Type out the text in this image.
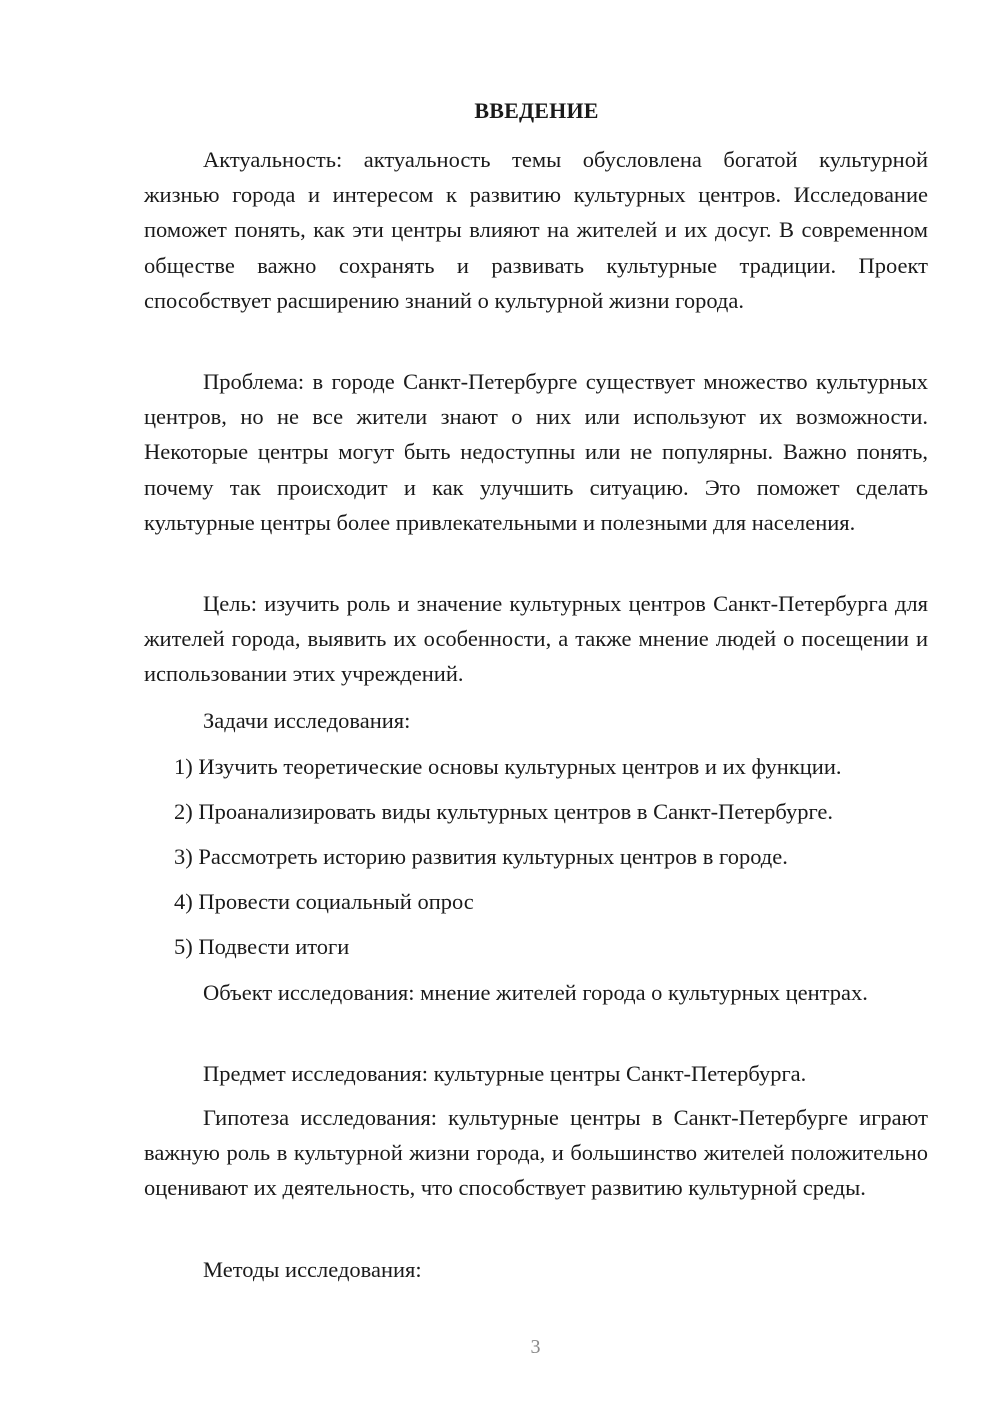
ВВЕДЕНИЕ

Актуальность: актуальность темы обусловлена богатой культурной жизнью города и интересом к развитию культурных центров. Исследование поможет понять, как эти центры влияют на жителей и их досуг. В современном обществе важно сохранять и развивать культурные традиции. Проект способствует расширению знаний о культурной жизни города.

Проблема: в городе Санкт-Петербурге существует множество культурных центров, но не все жители знают о них или используют их возможности. Некоторые центры могут быть недоступны или не популярны. Важно понять, почему так происходит и как улучшить ситуацию. Это поможет сделать культурные центры более привлекательными и полезными для населения.

Цель: изучить роль и значение культурных центров Санкт-Петербурга для жителей города, выявить их особенности, а также мнение людей о посещении и использовании этих учреждений.

Задачи исследования:

1) Изучить теоретические основы культурных центров и их функции.
2) Проанализировать виды культурных центров в Санкт-Петербурге.
3) Рассмотреть историю развития культурных центров в городе.
4) Провести социальный опрос
5) Подвести итоги

Объект исследования: мнение жителей города о культурных центрах.

Предмет исследования: культурные центры Санкт-Петербурга.

Гипотеза исследования: культурные центры в Санкт-Петербурге играют важную роль в культурной жизни города, и большинство жителей положительно оценивают их деятельность, что способствует развитию культурной среды.

Методы исследования:

3
